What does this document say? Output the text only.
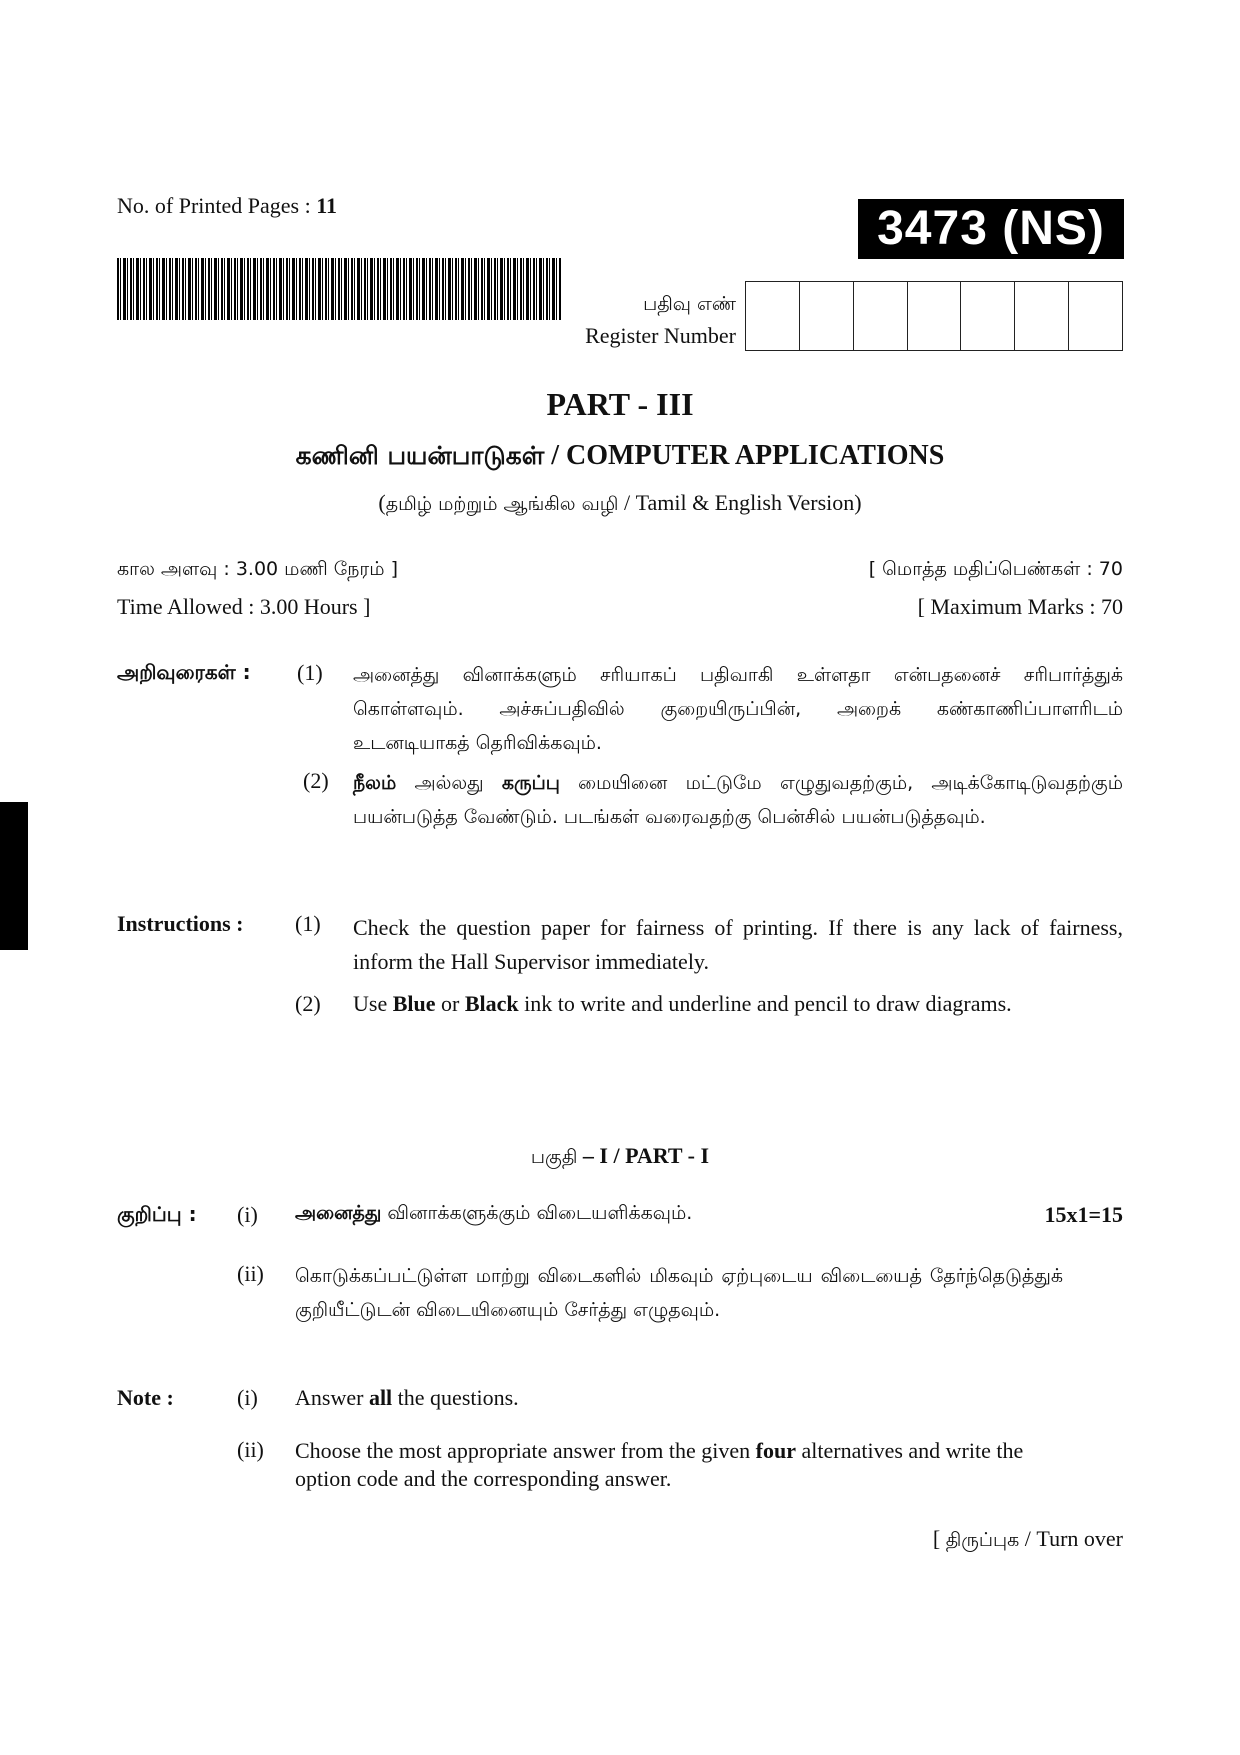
No. of Printed Pages : 11	3473 (NS)
பதிவு எண்
Register Number
PART - III
கணினி பயன்பாடுகள் / COMPUTER APPLICATIONS
(தமிழ் மற்றும் ஆங்கில வழி / Tamil & English Version)
கால அளவு : 3.00 மணி நேரம் ]
Time Allowed : 3.00 Hours ]
[ மொத்த மதிப்பெண்கள் : 70
[ Maximum Marks : 70
அறிவுரைகள் : (1) அனைத்து வினாக்களும் சரியாகப் பதிவாகி உள்ளதா என்பதனைச் சரிபார்த்துக் கொள்ளவும். அச்சுப்பதிவில் குறையிருப்பின், அறைக் கண்காணிப்பாளரிடம் உடனடியாகத் தெரிவிக்கவும்.
(2) நீலம் அல்லது கருப்பு மையினை மட்டுமே எழுதுவதற்கும், அடிக்கோடிடுவதற்கும் பயன்படுத்த வேண்டும். படங்கள் வரைவதற்கு பென்சில் பயன்படுத்தவும்.
Instructions : (1) Check the question paper for fairness of printing. If there is any lack of fairness, inform the Hall Supervisor immediately.
(2) Use Blue or Black ink to write and underline and pencil to draw diagrams.
பகுதி – I / PART - I
குறிப்பு : (i) அனைத்து வினாக்களுக்கும் விடையளிக்கவும்.	15x1=15
(ii) கொடுக்கப்பட்டுள்ள மாற்று விடைகளில் மிகவும் ஏற்புடைய விடையைத் தேர்ந்தெடுத்துக் குறியீட்டுடன் விடையினையும் சேர்த்து எழுதவும்.
Note :	(i) Answer all the questions.
(ii) Choose the most appropriate answer from the given four alternatives and write the option code and the corresponding answer.
[ திருப்புக / Turn over
